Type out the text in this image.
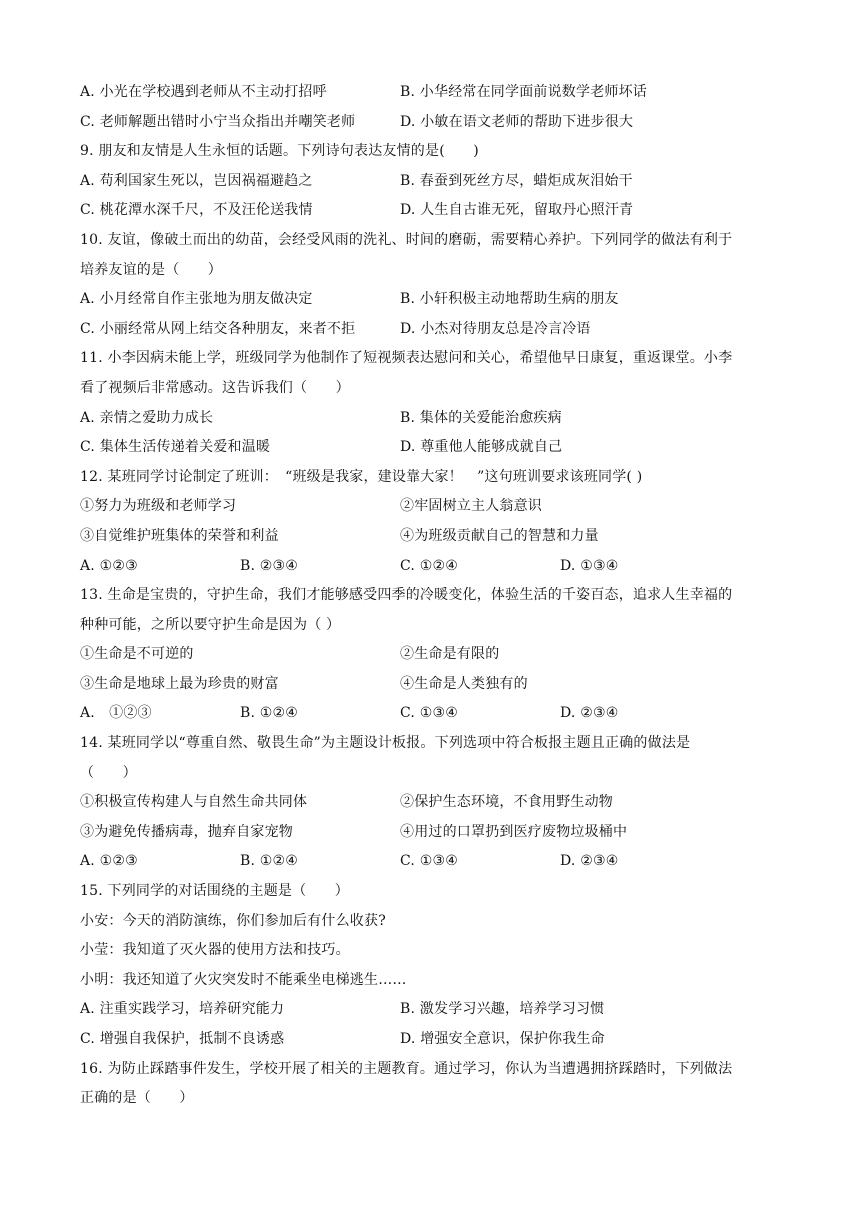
A. 小光在学校遇到老师从不主动打招呼	B. 小华经常在同学面前说数学老师坏话
C. 老师解题出错时小宁当众指出并嘲笑老师	D. 小敏在语文老师的帮助下进步很大
9. 朋友和友情是人生永恒的话题。下列诗句表达友情的是(　　)
A. 苟利国家生死以，岂因祸福避趋之	B. 春蚕到死丝方尽，蜡炬成灰泪始干
C. 桃花潭水深千尺，不及汪伦送我情	D. 人生自古谁无死，留取丹心照汗青
10. 友谊，像破土而出的幼苗，会经受风雨的洗礼、时间的磨砺，需要精心养护。下列同学的做法有利于
培养友谊的是（　　）
A. 小月经常自作主张地为朋友做决定	B. 小轩积极主动地帮助生病的朋友
C. 小丽经常从网上结交各种朋友，来者不拒	D. 小杰对待朋友总是冷言冷语
11. 小李因病未能上学，班级同学为他制作了短视频表达慰问和关心，希望他早日康复，重返课堂。小李
看了视频后非常感动。这告诉我们（　　）
A. 亲情之爱助力成长	B. 集体的关爱能治愈疾病
C. 集体生活传递着关爱和温暖	D. 尊重他人能够成就自己
12. 某班同学讨论制定了班训：　“班级是我家，建设靠大家！　”这句班训要求该班同学( )
①努力为班级和老师学习	②牢固树立主人翁意识
③自觉维护班集体的荣誉和利益	④为班级贡献自己的智慧和力量
A. ①②③	B. ②③④	C. ①②④	D. ①③④
13. 生命是宝贵的，守护生命，我们才能够感受四季的冷暖变化，体验生活的千姿百态，追求人生幸福的
种种可能，之所以要守护生命是因为（ ）
①生命是不可逆的	②生命是有限的
③生命是地球上最为珍贵的财富	④生命是人类独有的
A.　①②③	B. ①②④	C. ①③④	D. ②③④
14. 某班同学以“尊重自然、敬畏生命”为主题设计板报。下列选项中符合板报主题且正确的做法是
（　　）
①积极宣传构建人与自然生命共同体	②保护生态环境，不食用野生动物
③为避免传播病毒，抛弃自家宠物	④用过的口罩扔到医疗废物垃圾桶中
A. ①②③	B. ①②④	C. ①③④	D. ②③④
15. 下列同学的对话围绕的主题是（　　）
小安：今天的消防演练，你们参加后有什么收获?
小莹：我知道了灭火器的使用方法和技巧。
小明：我还知道了火灾突发时不能乘坐电梯逃生……
A. 注重实践学习，培养研究能力	B. 激发学习兴趣，培养学习习惯
C. 增强自我保护，抵制不良诱惑	D. 增强安全意识，保护你我生命
16. 为防止踩踏事件发生，学校开展了相关的主题教育。通过学习，你认为当遭遇拥挤踩踏时，下列做法
正确的是（　　）
